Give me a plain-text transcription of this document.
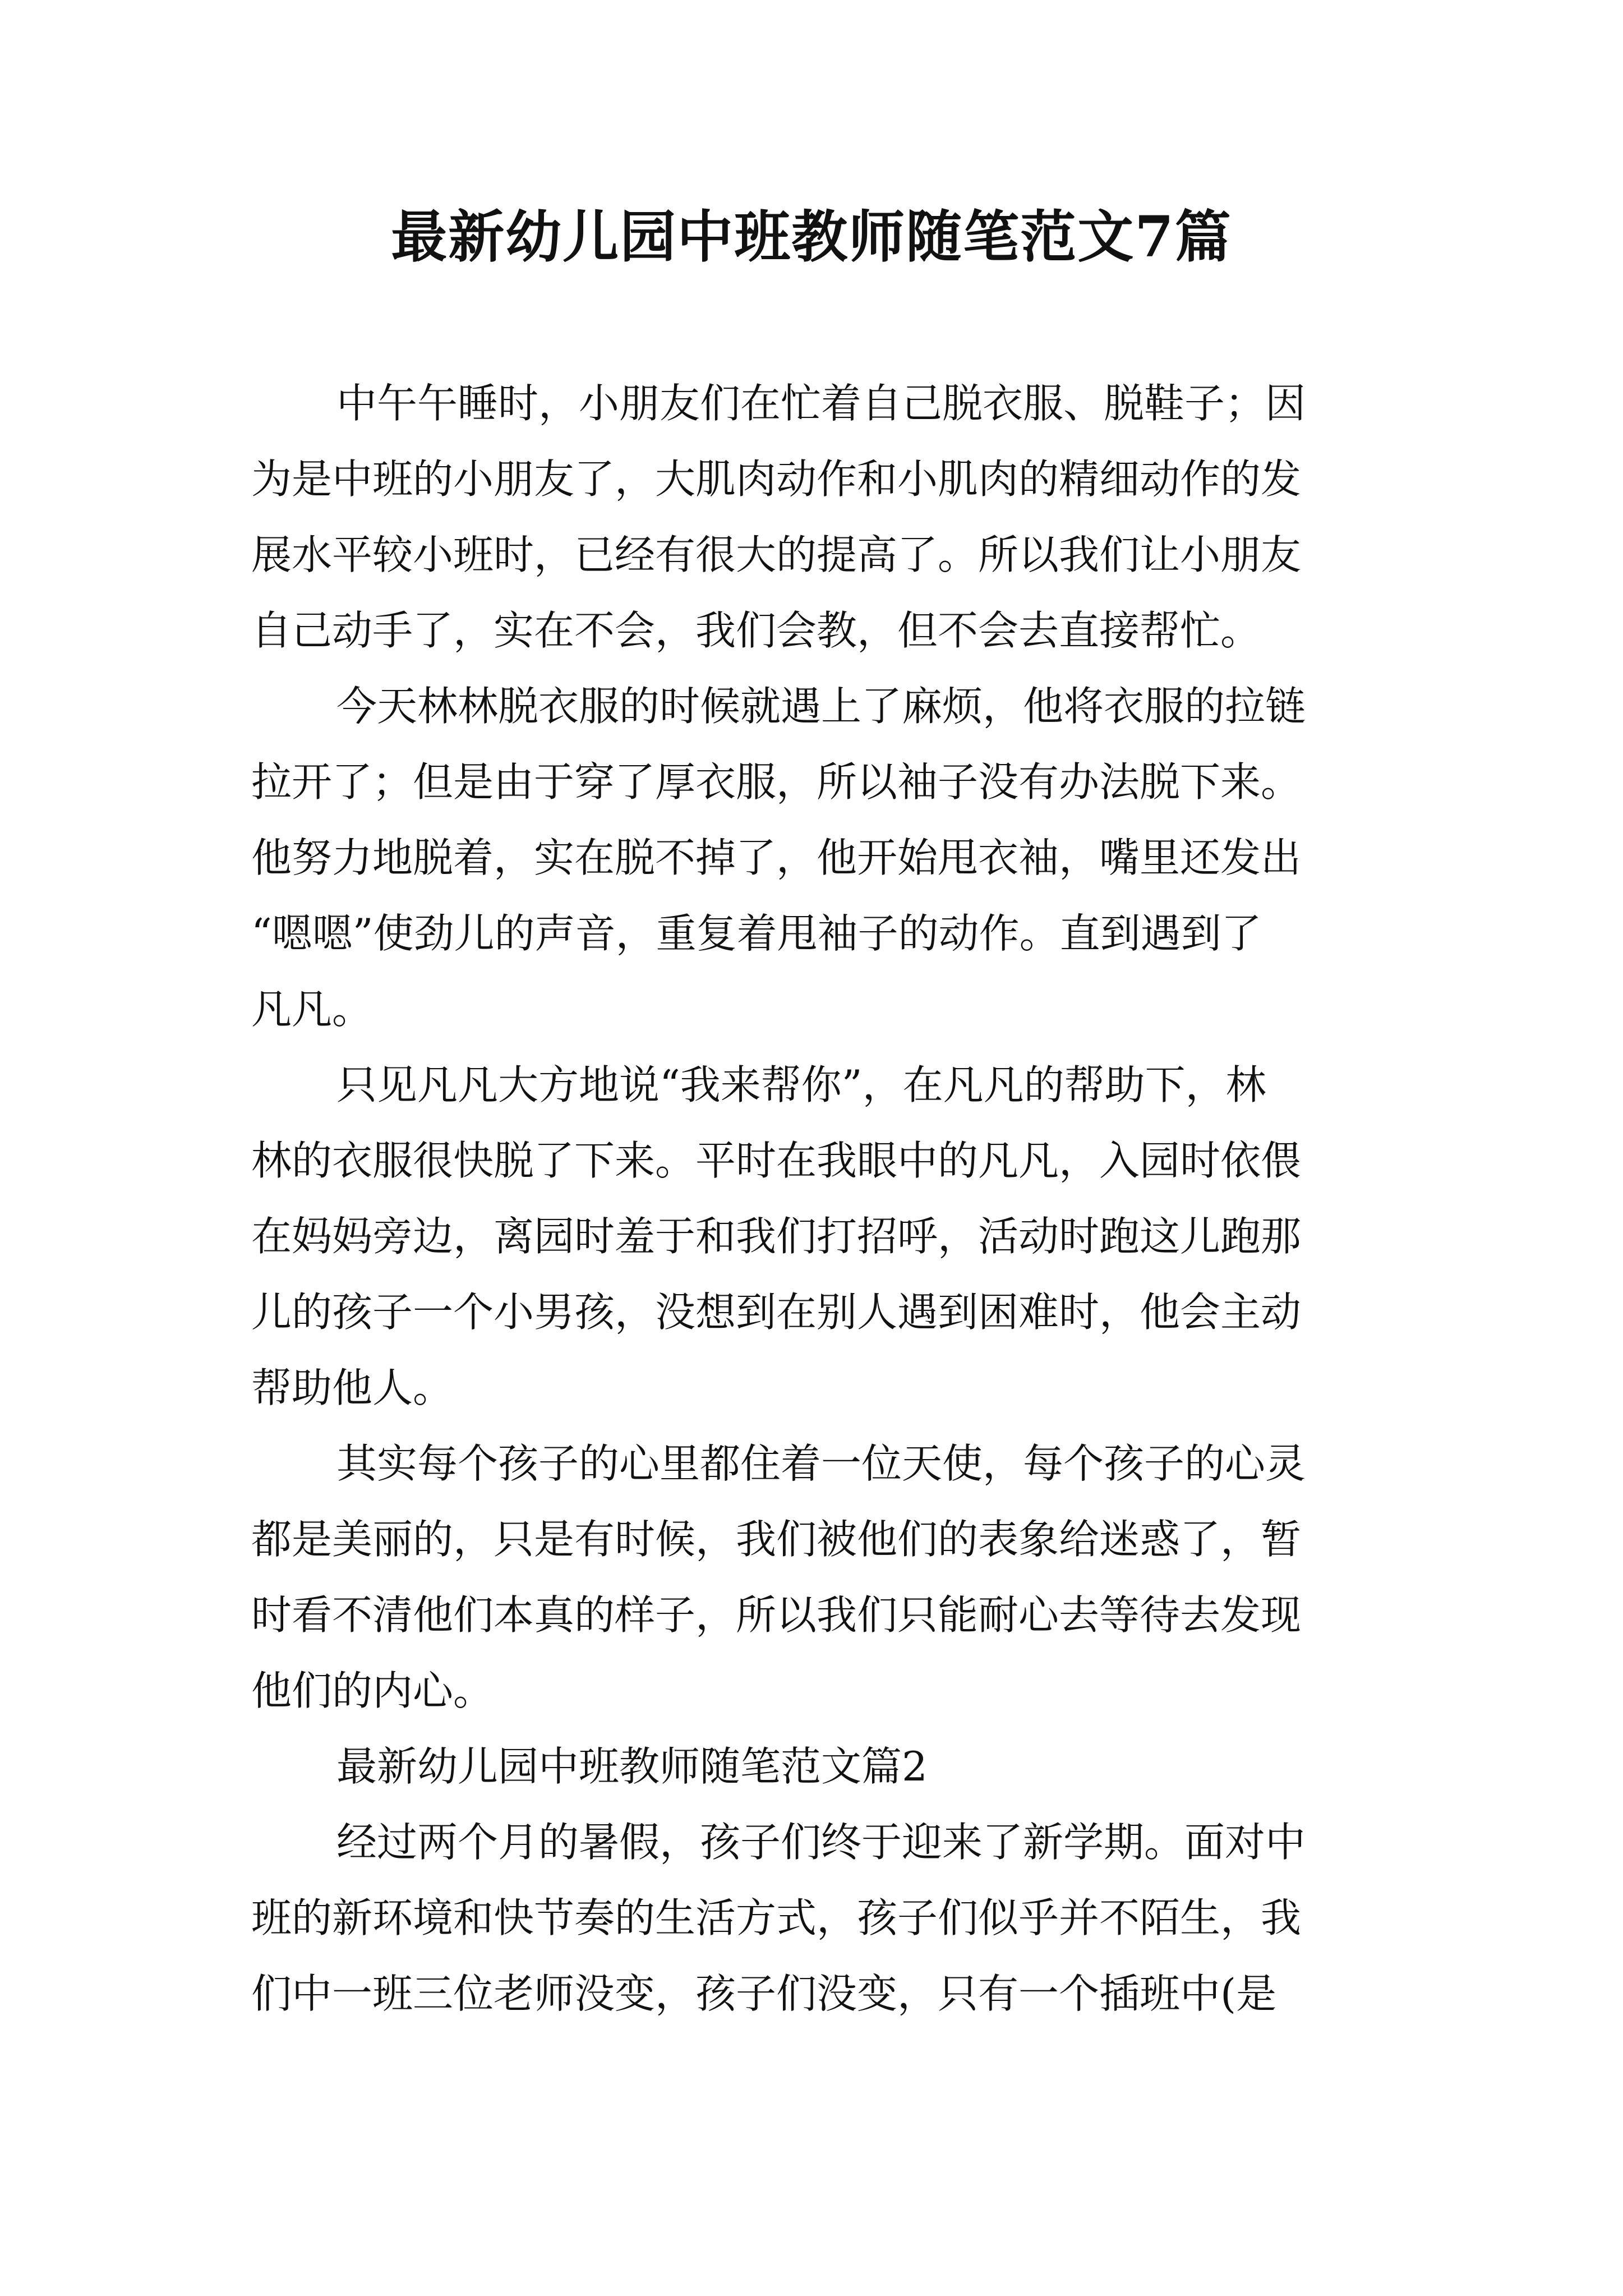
最新幼儿园中班教师随笔范文7篇

中午午睡时，小朋友们在忙着自己脱衣服、脱鞋子；因
为是中班的小朋友了，大肌肉动作和小肌肉的精细动作的发
展水平较小班时，已经有很大的提高了。所以我们让小朋友
自己动手了，实在不会，我们会教，但不会去直接帮忙。

今天林林脱衣服的时候就遇上了麻烦，他将衣服的拉链
拉开了；但是由于穿了厚衣服，所以袖子没有办法脱下来。
他努力地脱着，实在脱不掉了，他开始甩衣袖，嘴里还发出
“嗯嗯”使劲儿的声音，重复着甩袖子的动作。直到遇到了
凡凡。

只见凡凡大方地说“我来帮你”，在凡凡的帮助下，林
林的衣服很快脱了下来。平时在我眼中的凡凡，入园时依偎
在妈妈旁边，离园时羞于和我们打招呼，活动时跑这儿跑那
儿的孩子一个小男孩，没想到在别人遇到困难时，他会主动
帮助他人。

其实每个孩子的心里都住着一位天使，每个孩子的心灵
都是美丽的，只是有时候，我们被他们的表象给迷惑了，暂
时看不清他们本真的样子，所以我们只能耐心去等待去发现
他们的内心。

最新幼儿园中班教师随笔范文篇2

经过两个月的暑假，孩子们终于迎来了新学期。面对中
班的新环境和快节奏的生活方式，孩子们似乎并不陌生，我
们中一班三位老师没变，孩子们没变，只有一个插班中(是
